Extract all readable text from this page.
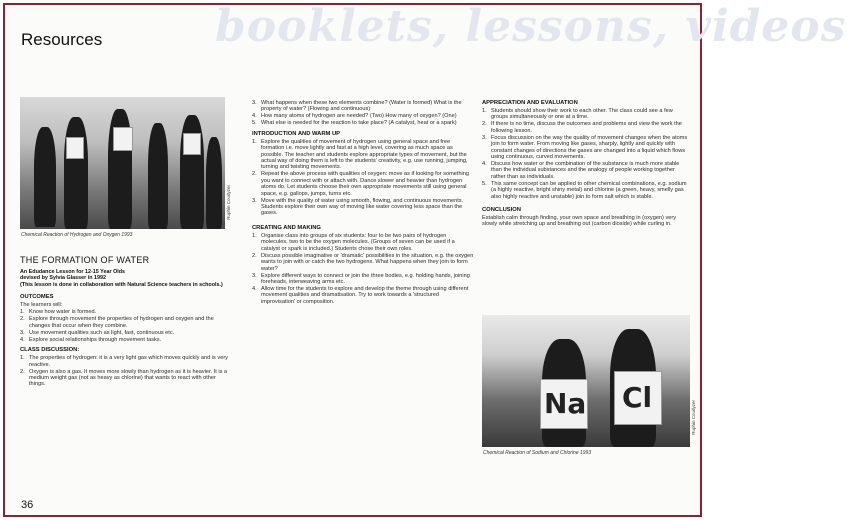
booklets, lessons, videos
Resources
Ruphin Coudyzer
Chemical Reaction of Hydrogen and Oxygen 1993
Na Cl
Ruphin Coudyzer
Chemical Reaction of Sodium and Chlorine 1993
THE FORMATION OF WATER
An Edudance Lesson for 12-15 Year Olds
devised by Sylvia Glasser in 1992
(This lesson is done in collaboration with Natural Science teachers in schools.)
OUTCOMES
The learners will:
1. Know how water is formed.
2. Explore through movement the properties of hydrogen and oxygen and the changes that occur when they combine.
3. Use movement qualities such as light, fast, continuous etc.
4. Explore social relationships through movement tasks.
CLASS DISCUSSION:
1. The properties of hydrogen: it is a very light gas which moves quickly and is very reactive.
2. Oxygen is also a gas. It moves more slowly than hydrogen as it is heavier. It is a medium weight gas (not as heavy as chlorine) that wants to react with other things.
3. What happens when these two elements combine? (Water is formed) What is the property of water? (Flowing and continuous)
4. How many atoms of hydrogen are needed? (Two) How many of oxygen? (One)
5. What else is needed for the reaction to take place? (A catalyst, heat or a spark)
INTRODUCTION AND WARM UP
1. Explore the qualities of movement of hydrogen using general space and free formation i.e. move lightly and fast at a high level, covering as much space as possible. The teacher and students explore appropriate types of movement, but the actual way of doing them is left to the students' creativity, e.g. use running, jumping, turning and twisting movements.
2. Repeat the above process with qualities of oxygen: move as if looking for something you want to connect with or attach with. Dance slower and heavier than hydrogen atoms do. Let students choose their own appropriate movements still using general space, e.g. gallops, jumps, turns etc.
3. Move with the quality of water using smooth, flowing, and continuous movements. Students explore their own way of moving like water covering less space than the gases.
CREATING AND MAKING
1. Organise class into groups of six students: four to be two pairs of hydrogen molecules, two to be the oxygen molecules. (Groups of seven can be used if a catalyst or spark is included.) Students chose their own roles.
2. Discuss possible imaginative or 'dramatic' possibilities in the situation, e.g. the oxygen wants to join with or catch the two hydrogens. What happens when they join to form water?
3. Explore different ways to connect or join the three bodies, e.g. holding hands, joining foreheads, interweaving arms etc.
4. Allow time for the students to explore and develop the theme through using different movement qualities and dramatisation. Try to work towards a 'structured improvisation' or composition.
APPRECIATION AND EVALUATION
1. Students should show their work to each other. The class could see a few groups simultaneously or one at a time.
2. If there is no time, discuss the outcomes and problems and view the work the following lesson.
3. Focus discussion on the way the quality of movement changes when the atoms join to form water. From moving like gases, sharply, lightly and quickly with constant changes of directions the gases are changed into a liquid which flows using continuous, curved movements.
4. Discuss how water or the combination of the substance is much more stable than the individual substances and the analogy of people working together rather than as individuals.
5. This same concept can be applied to other chemical combinations, e.g. sodium (a highly reactive, bright shiny metal) and chlorine (a green, heavy, smelly gas also highly reactive and unstable) join to form salt which is stable.
CONCLUSION
Establish calm through finding, your own space and breathing in (oxygen) very slowly while stretching up and breathing out (carbon dioxide) while curling in.
36
